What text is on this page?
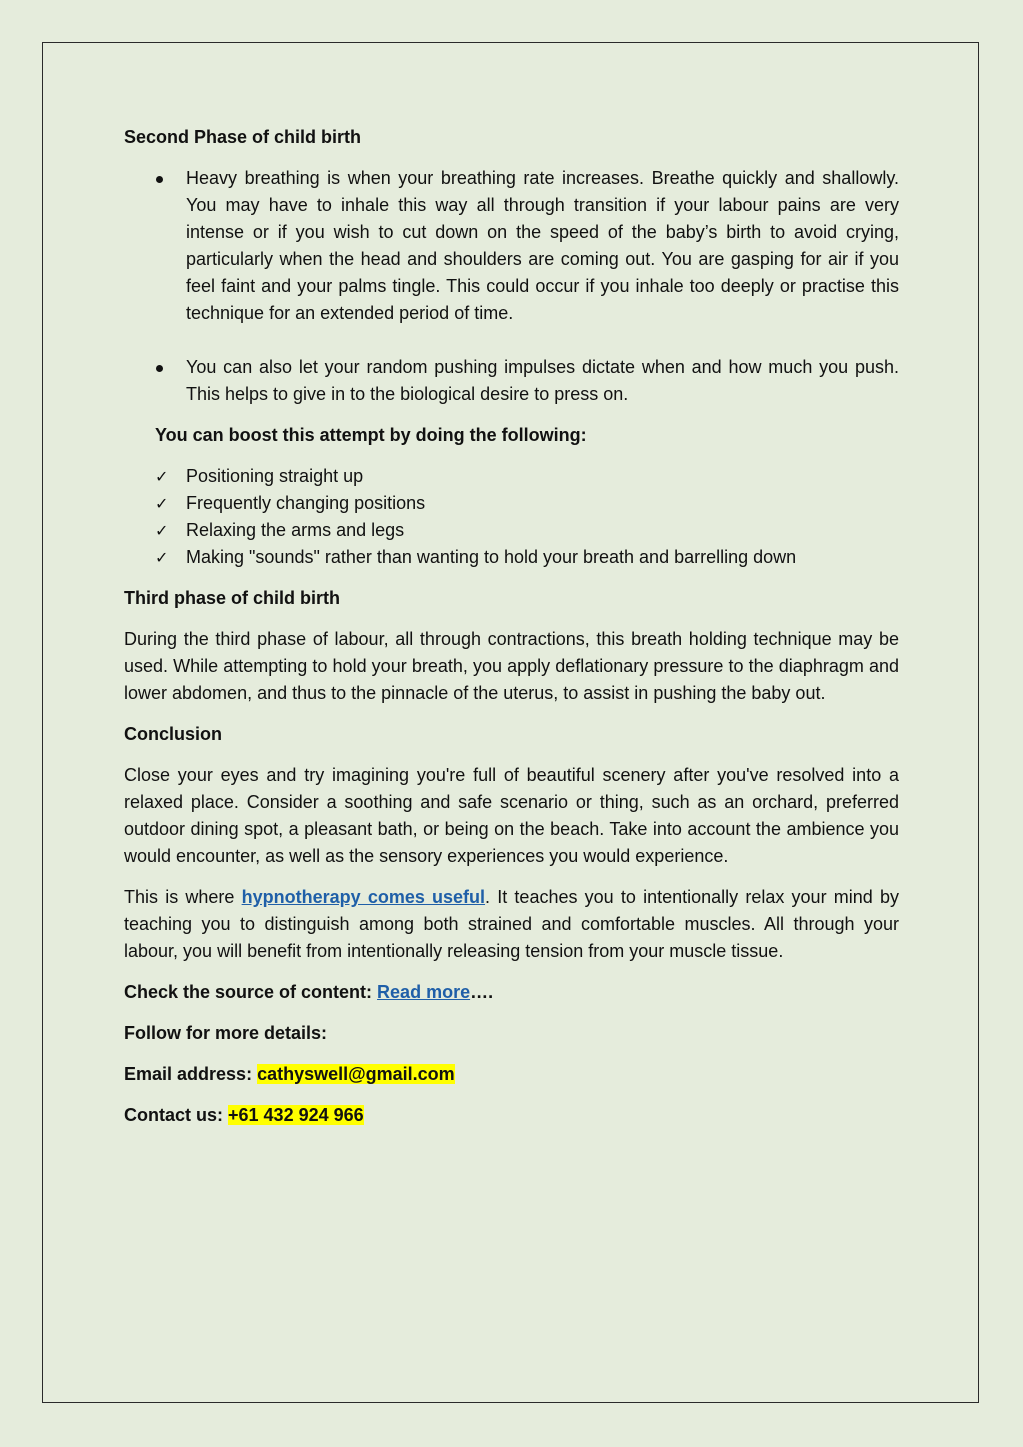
Second Phase of child birth

Heavy breathing is when your breathing rate increases. Breathe quickly and shallowly. You may have to inhale this way all through transition if your labour pains are very intense or if you wish to cut down on the speed of the baby’s birth to avoid crying, particularly when the head and shoulders are coming out. You are gasping for air if you feel faint and your palms tingle. This could occur if you inhale too deeply or practise this technique for an extended period of time.
You can also let your random pushing impulses dictate when and how much you push. This helps to give in to the biological desire to press on.

You can boost this attempt by doing the following:

✓ Positioning straight up
✓ Frequently changing positions
✓ Relaxing the arms and legs
✓ Making "sounds" rather than wanting to hold your breath and barrelling down

Third phase of child birth

During the third phase of labour, all through contractions, this breath holding technique may be used. While attempting to hold your breath, you apply deflationary pressure to the diaphragm and lower abdomen, and thus to the pinnacle of the uterus, to assist in pushing the baby out.

Conclusion

Close your eyes and try imagining you're full of beautiful scenery after you've resolved into a relaxed place. Consider a soothing and safe scenario or thing, such as an orchard, preferred outdoor dining spot, a pleasant bath, or being on the beach. Take into account the ambience you would encounter, as well as the sensory experiences you would experience.

This is where hypnotherapy comes useful. It teaches you to intentionally relax your mind by teaching you to distinguish among both strained and comfortable muscles. All through your labour, you will benefit from intentionally releasing tension from your muscle tissue.

Check the source of content: Read more….

Follow for more details:

Email address: cathyswell@gmail.com

Contact us: +61 432 924 966
